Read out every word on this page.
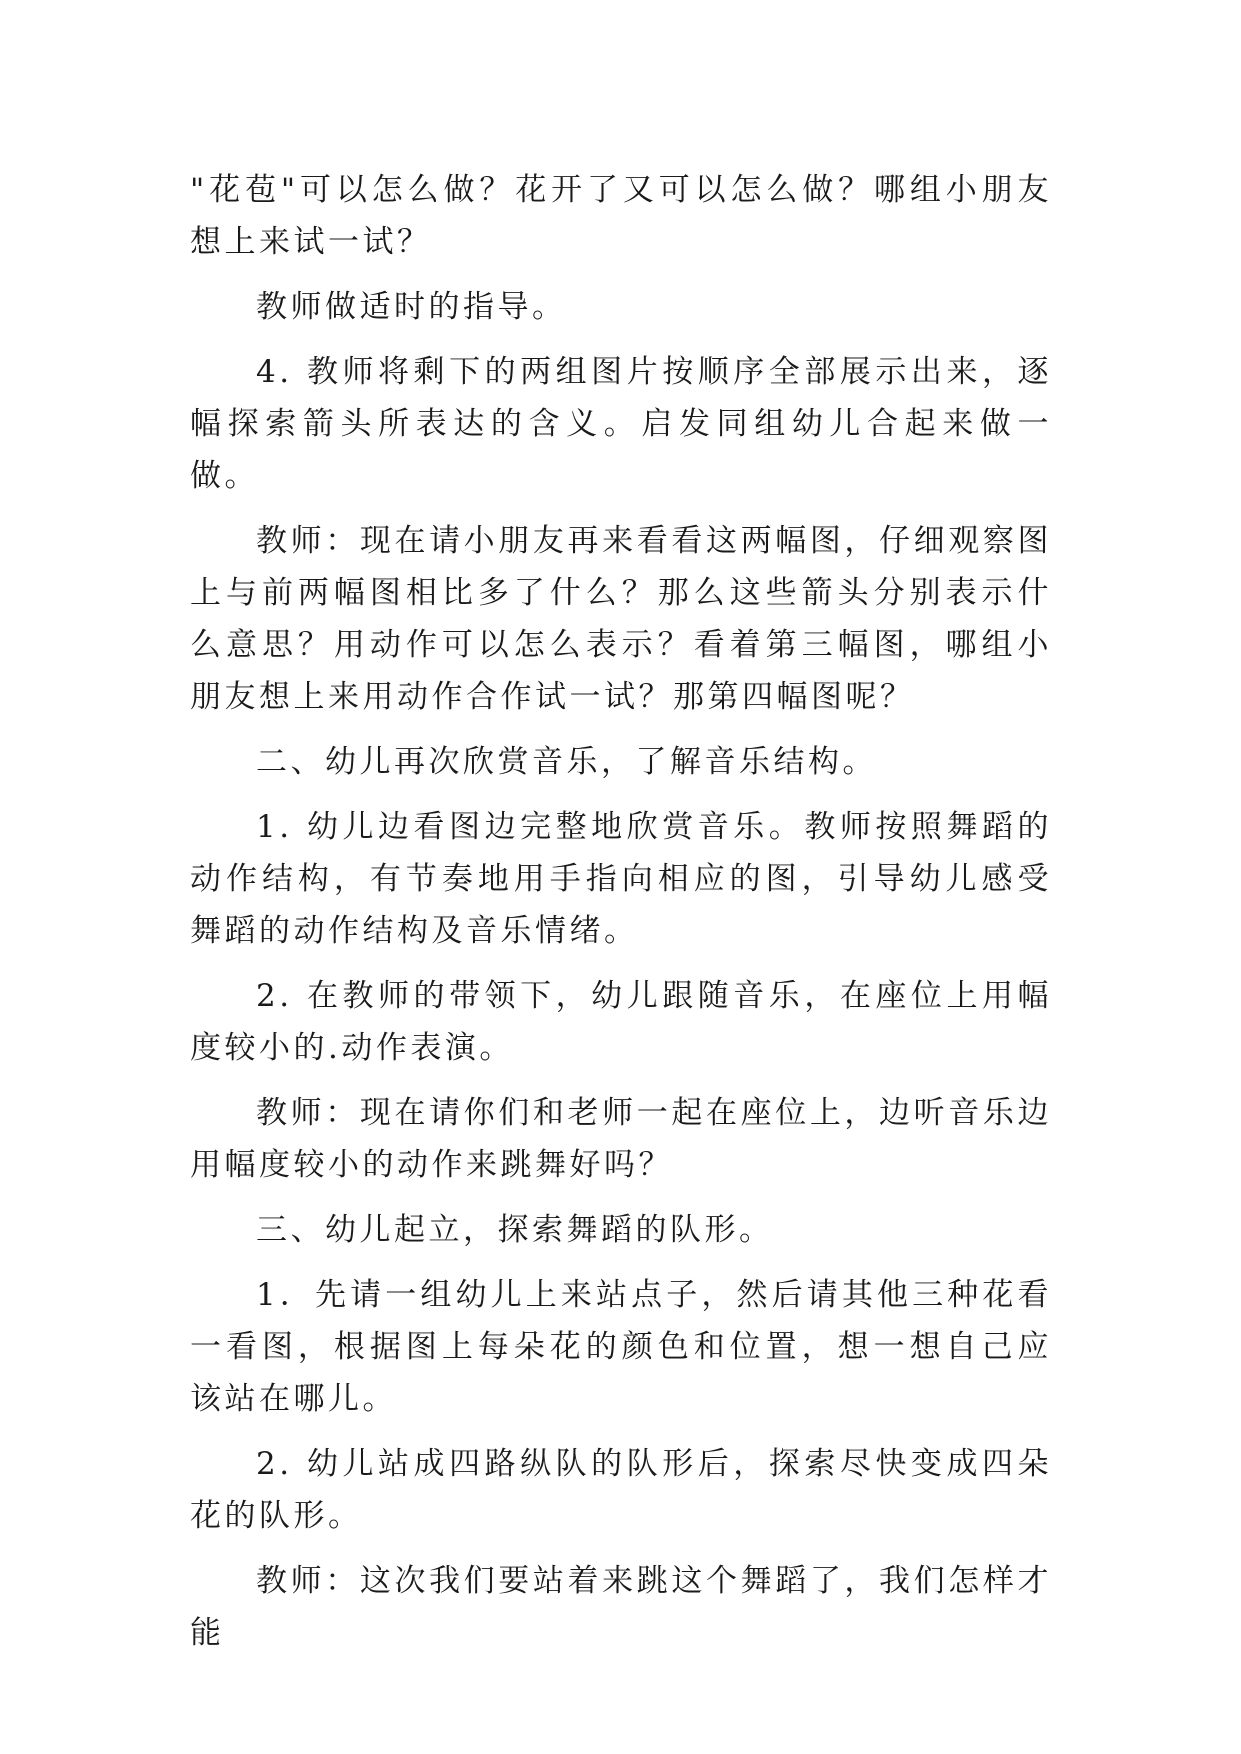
"花苞"可以怎么做？花开了又可以怎么做？哪组小朋友想上来试一试？

教师做适时的指导。

4. 教师将剩下的两组图片按顺序全部展示出来，逐幅探索箭头所表达的含义。启发同组幼儿合起来做一做。

教师：现在请小朋友再来看看这两幅图，仔细观察图上与前两幅图相比多了什么？那么这些箭头分别表示什么意思？用动作可以怎么表示？看着第三幅图，哪组小朋友想上来用动作合作试一试？那第四幅图呢？

二、幼儿再次欣赏音乐，了解音乐结构。

1. 幼儿边看图边完整地欣赏音乐。教师按照舞蹈的动作结构，有节奏地用手指向相应的图，引导幼儿感受舞蹈的动作结构及音乐情绪。

2. 在教师的带领下，幼儿跟随音乐，在座位上用幅度较小的.动作表演。

教师：现在请你们和老师一起在座位上，边听音乐边用幅度较小的动作来跳舞好吗？

三、幼儿起立，探索舞蹈的队形。

1．先请一组幼儿上来站点子，然后请其他三种花看一看图，根据图上每朵花的颜色和位置，想一想自己应该站在哪儿。

2. 幼儿站成四路纵队的队形后，探索尽快变成四朵花的队形。

教师：这次我们要站着来跳这个舞蹈了，我们怎样才能
